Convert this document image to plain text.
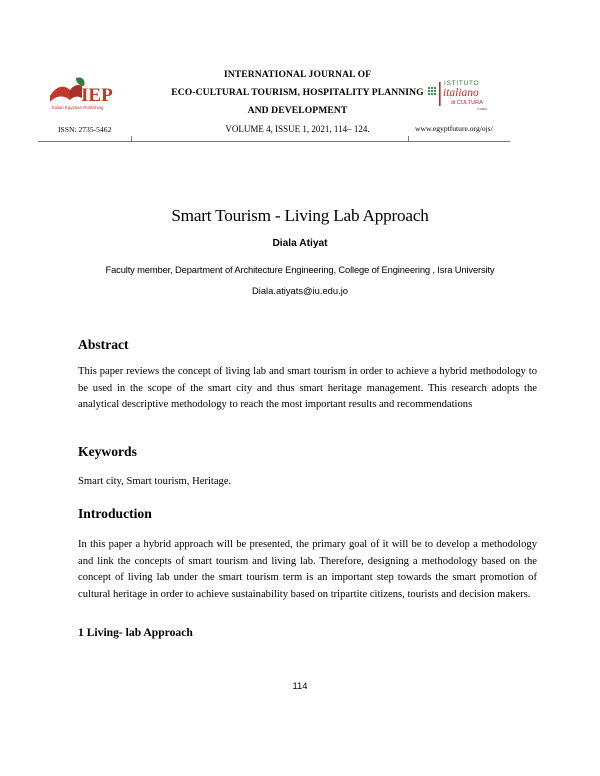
IEP
Italian Egyptian Publishing
INTERNATIONAL JOURNAL OF
ECO-CULTURAL TOURISM, HOSPITALITY PLANNING
AND DEVELOPMENT
ISTITUTO
italiano
di CULTURA
il cairo
ISSN: 2735-5462	VOLUME 4, ISSUE 1, 2021, 114– 124.	www.egyptfuture.org/ojs/
Smart Tourism - Living Lab Approach
Diala Atiyat
Faculty member, Department of Architecture Engineering, College of Engineering , Isra University
Diala.atiyats@iu.edu.jo
Abstract
This paper reviews the concept of living lab and smart tourism in order to achieve a hybrid methodology to be used in the scope of the smart city and thus smart heritage management. This research adopts the analytical descriptive methodology to reach the most important results and recommendations
Keywords
Smart city, Smart tourism, Heritage.
Introduction
In this paper a hybrid approach will be presented, the primary goal of it will be to develop a methodology and link the concepts of smart tourism and living lab. Therefore, designing a methodology based on the concept of living lab under the smart tourism term is an important step towards the smart promotion of cultural heritage in order to achieve sustainability based on tripartite citizens, tourists and decision makers.
1 Living- lab Approach
114
